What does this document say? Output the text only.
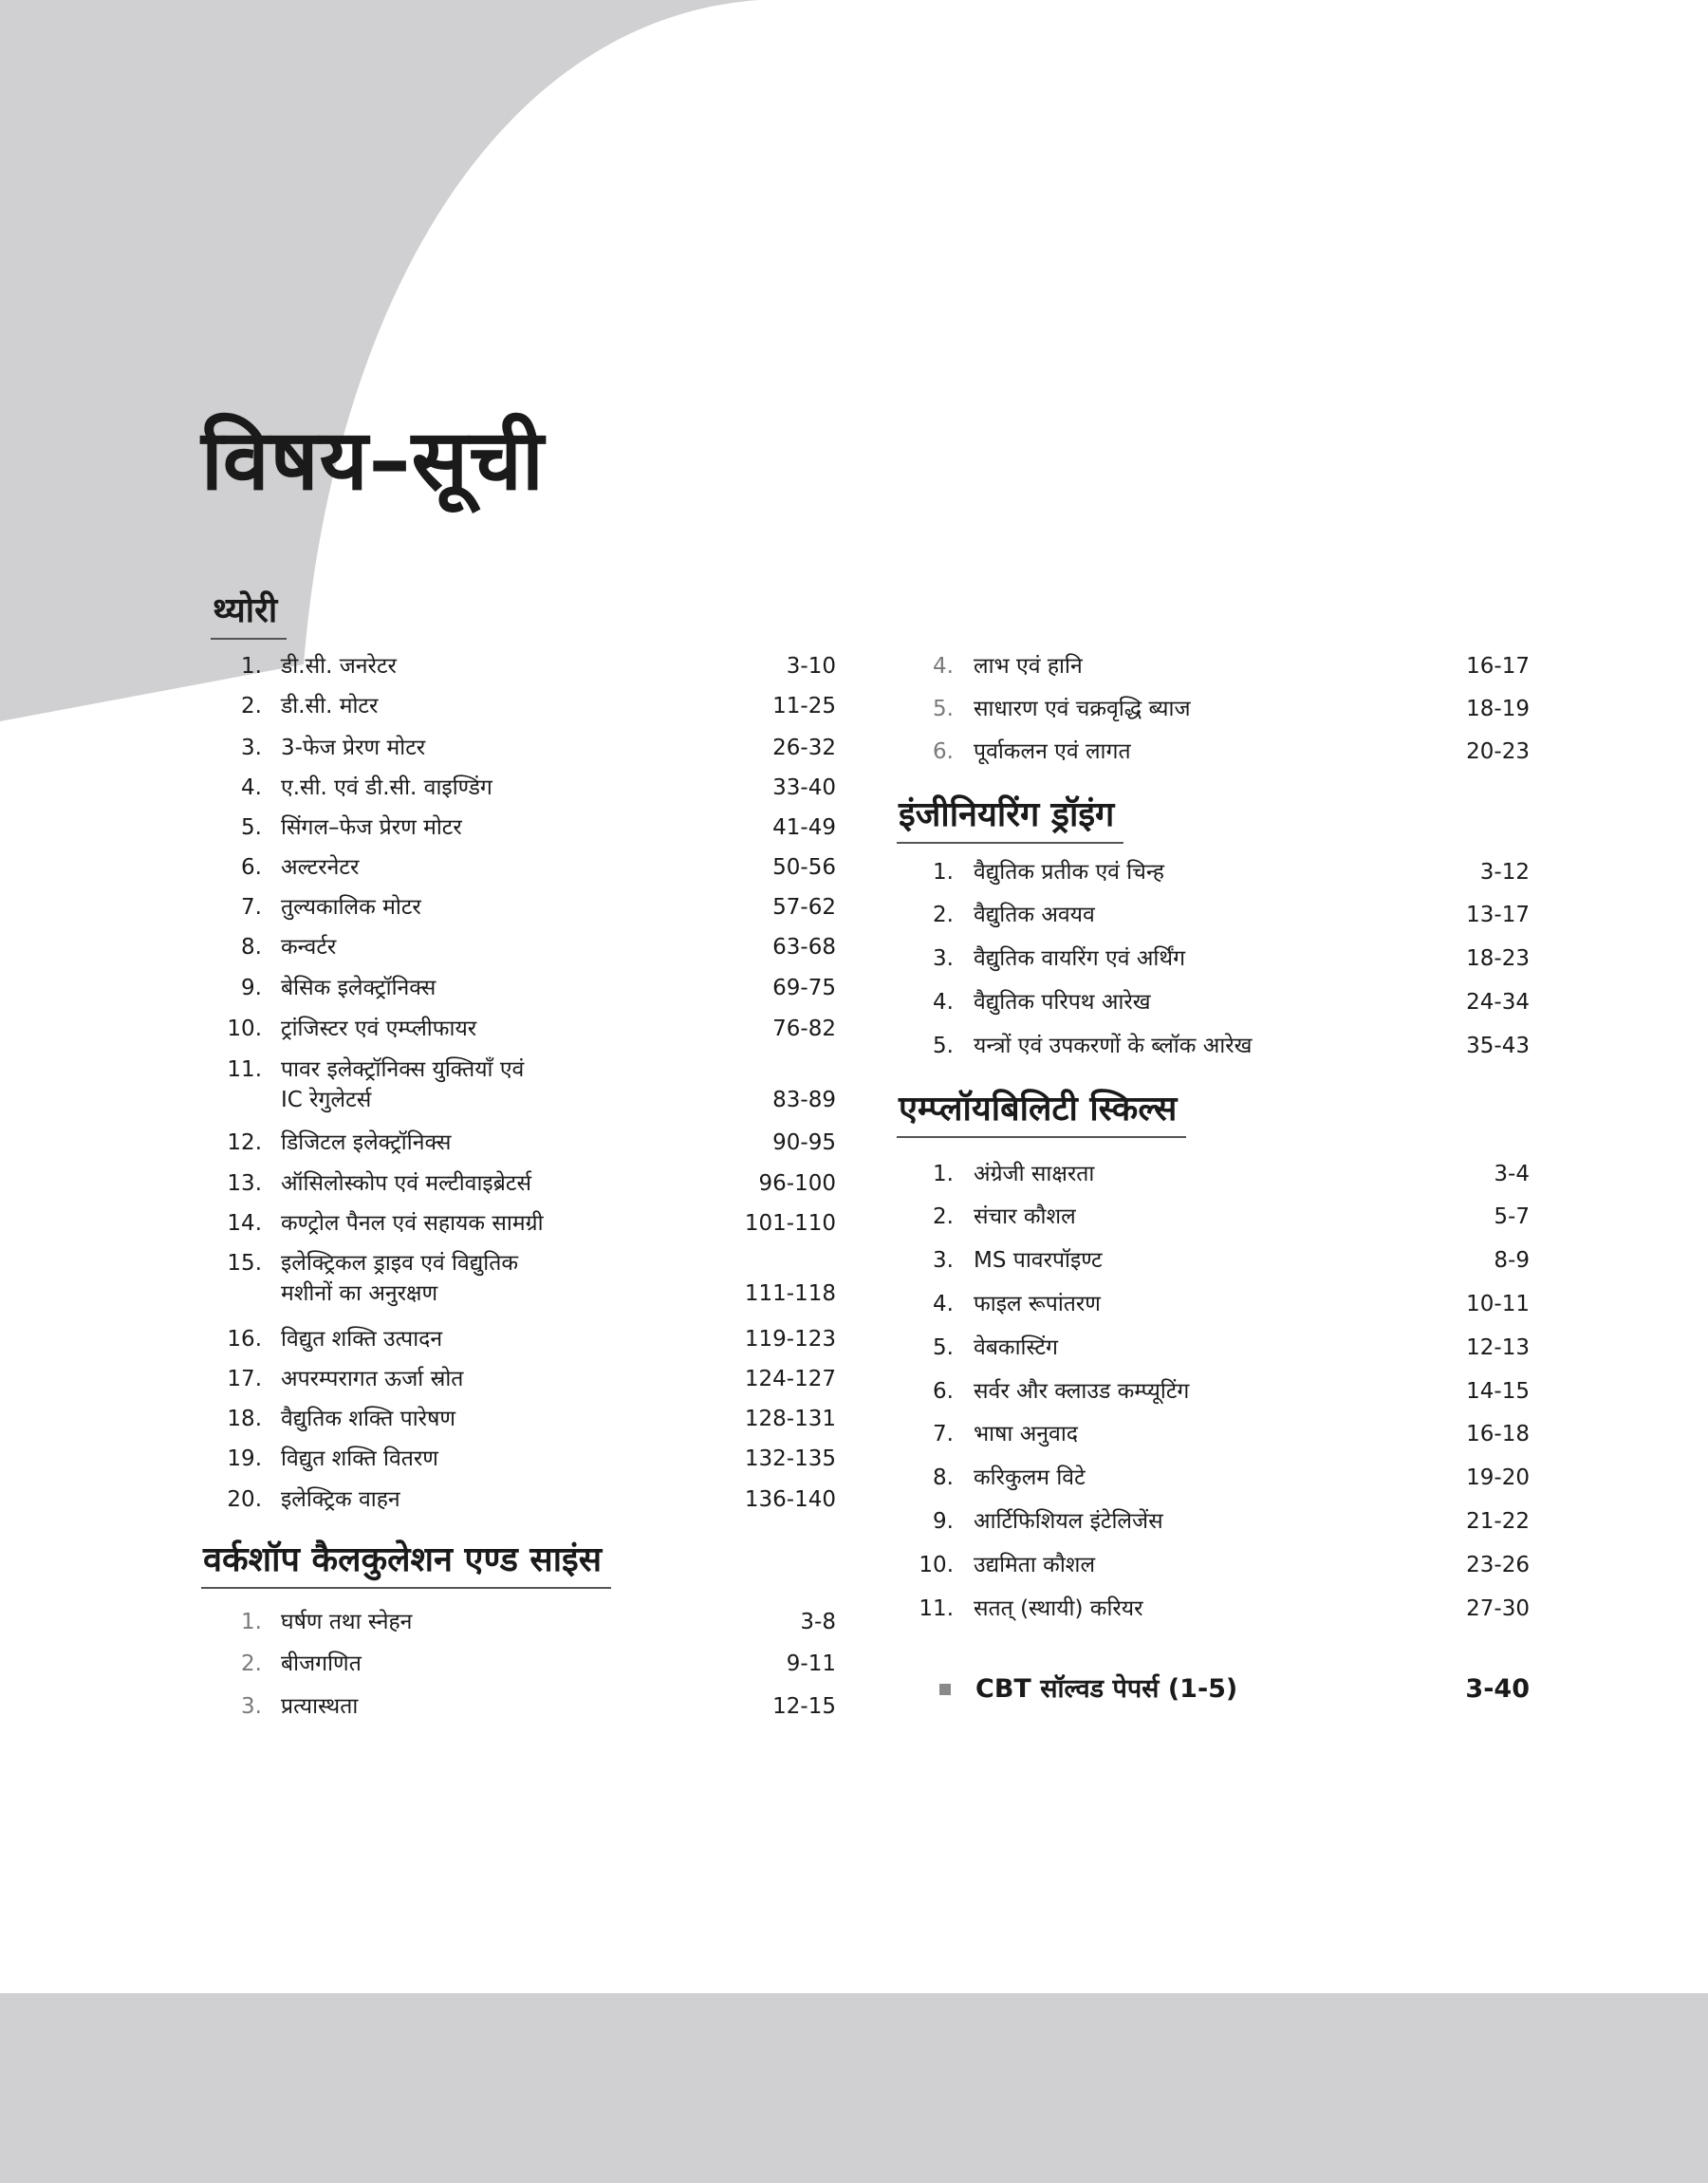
विषय–सूची
थ्योरी
1. डी.सी. जनरेटर	3-10
2. डी.सी. मोटर	11-25
3. 3-फेज प्रेरण मोटर	26-32
4. ए.सी. एवं डी.सी. वाइण्डिंग	33-40
5. सिंगल–फेज प्रेरण मोटर	41-49
6. अल्टरनेटर	50-56
7. तुल्यकालिक मोटर	57-62
8. कन्वर्टर	63-68
9. बेसिक इलेक्ट्रॉनिक्स	69-75
10. ट्रांजिस्टर एवं एम्प्लीफायर	76-82
11. पावर इलेक्ट्रॉनिक्स युक्तियाँ एवं
IC रेगुलेटर्स	83-89
12. डिजिटल इलेक्ट्रॉनिक्स	90-95
13. ऑसिलोस्कोप एवं मल्टीवाइब्रेटर्स	96-100
14. कण्ट्रोल पैनल एवं सहायक सामग्री	101-110
15. इलेक्ट्रिकल ड्राइव एवं विद्युतिक
मशीनों का अनुरक्षण	111-118
16. विद्युत शक्ति उत्पादन	119-123
17. अपरम्परागत ऊर्जा स्रोत	124-127
18. वैद्युतिक शक्ति पारेषण	128-131
19. विद्युत शक्ति वितरण	132-135
20. इलेक्ट्रिक वाहन	136-140
वर्कशॉप कैलकुलेशन एण्ड साइंस
1. घर्षण तथा स्नेहन	3-8
2. बीजगणित	9-11
3. प्रत्यास्थता	12-15
4. लाभ एवं हानि	16-17
5. साधारण एवं चक्रवृद्धि ब्याज	18-19
6. पूर्वाकलन एवं लागत	20-23
इंजीनियरिंग ड्रॉइंग
1. वैद्युतिक प्रतीक एवं चिन्ह	3-12
2. वैद्युतिक अवयव	13-17
3. वैद्युतिक वायरिंग एवं अर्थिंग	18-23
4. वैद्युतिक परिपथ आरेख	24-34
5. यन्त्रों एवं उपकरणों के ब्लॉक आरेख	35-43
एम्प्लॉयबिलिटी स्किल्स
1. अंग्रेजी साक्षरता	3-4
2. संचार कौशल	5-7
3. MS पावरपॉइण्ट	8-9
4. फाइल रूपांतरण	10-11
5. वेबकास्टिंग	12-13
6. सर्वर और क्लाउड कम्प्यूटिंग	14-15
7. भाषा अनुवाद	16-18
8. करिकुलम विटे	19-20
9. आर्टिफिशियल इंटेलिजेंस	21-22
10. उद्यमिता कौशल	23-26
11. सतत् (स्थायी) करियर	27-30
CBT सॉल्वड पेपर्स (1-5)	3-40
